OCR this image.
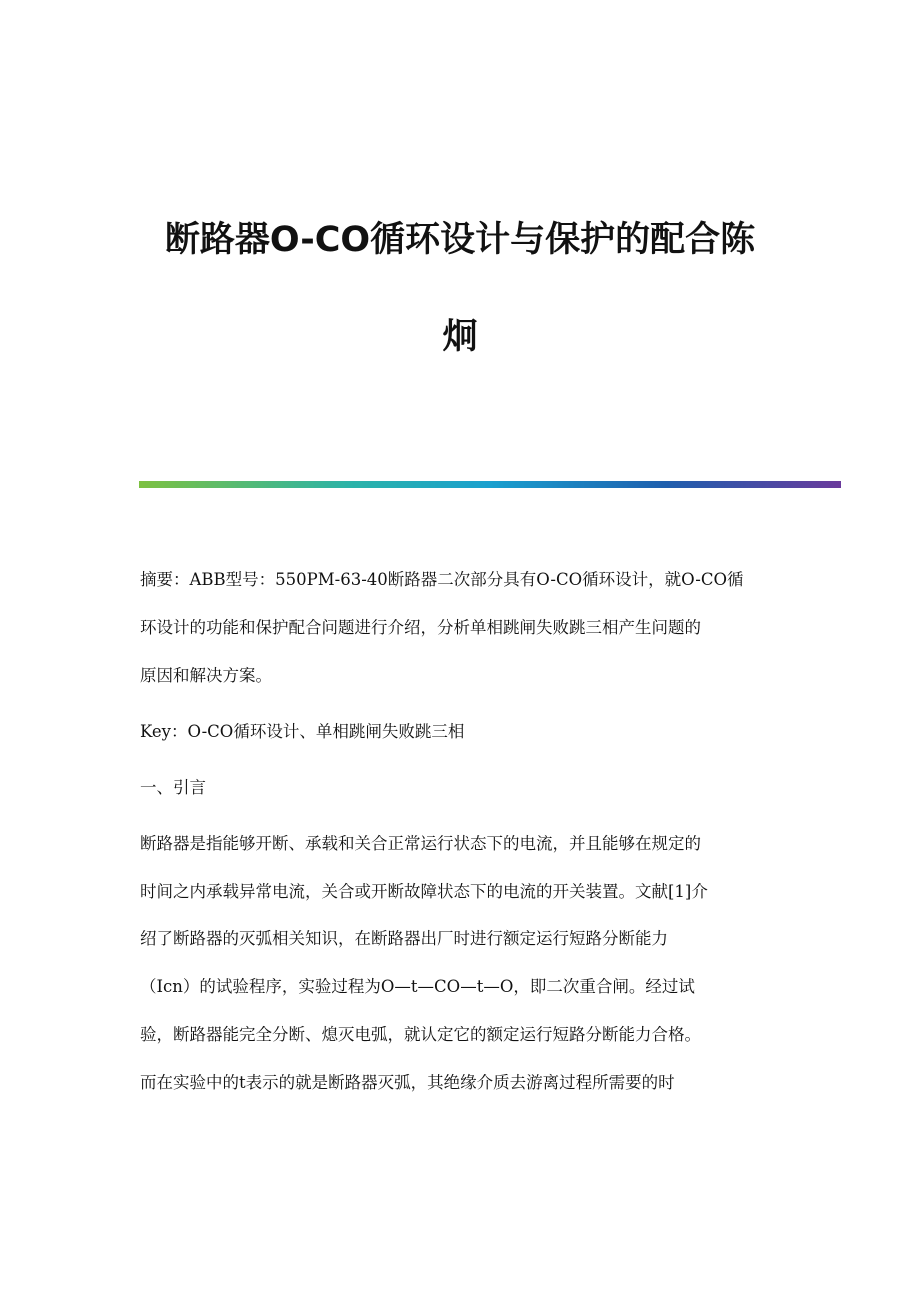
断路器O-CO循环设计与保护的配合陈
炯

摘要：ABB型号：550PM-63-40断路器二次部分具有O-CO循环设计，就O-CO循

环设计的功能和保护配合问题进行介绍，分析单相跳闸失败跳三相产生问题的

原因和解决方案。

Key：O-CO循环设计、单相跳闸失败跳三相

一、引言

断路器是指能够开断、承载和关合正常运行状态下的电流，并且能够在规定的

时间之内承载异常电流，关合或开断故障状态下的电流的开关装置。文献[1]介

绍了断路器的灭弧相关知识，在断路器出厂时进行额定运行短路分断能力

（Icn）的试验程序，实验过程为O—t—CO—t—O，即二次重合闸。经过试

验，断路器能完全分断、熄灭电弧，就认定它的额定运行短路分断能力合格。

而在实验中的t表示的就是断路器灭弧，其绝缘介质去游离过程所需要的时
